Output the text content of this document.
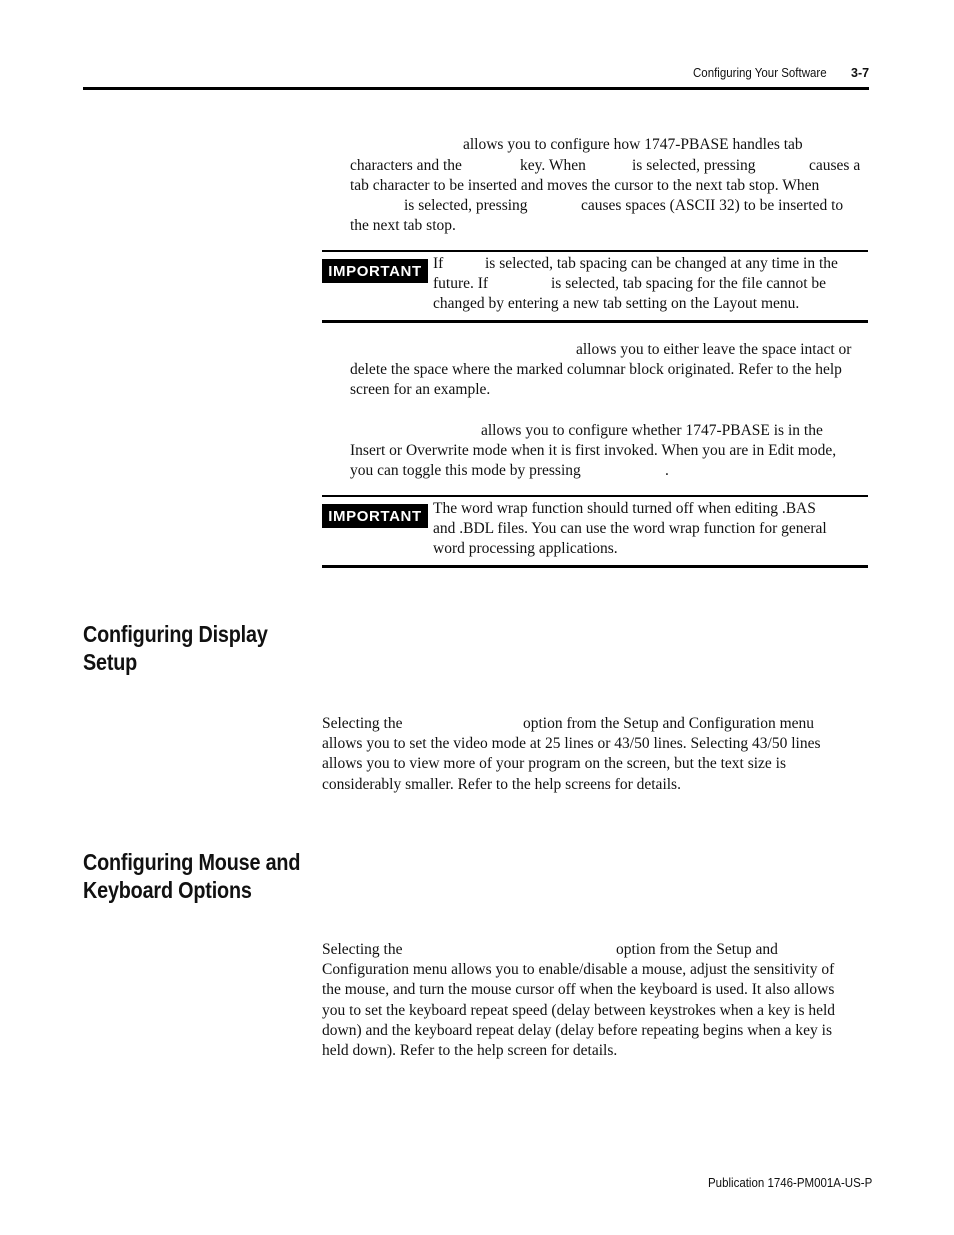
Configuring Your Software 3-7
allows you to configure how 1747-PBASE handles tab
characters and the	key. When	is selected, pressing	causes a
tab character to be inserted and moves the cursor to the next tab stop. When
is selected, pressing	causes spaces (ASCII 32) to be inserted to
the next tab stop.
IMPORTANT If	is selected, tab spacing can be changed at any time in the
future. If	is selected, tab spacing for the file cannot be
changed by entering a new tab setting on the Layout menu.
allows you to either leave the space intact or
delete the space where the marked columnar block originated. Refer to the help
screen for an example.
allows you to configure whether 1747-PBASE is in the
Insert or Overwrite mode when it is first invoked. When you are in Edit mode,
you can toggle this mode by pressing	.
IMPORTANT The word wrap function should turned off when editing .BAS
and .BDL files. You can use the word wrap function for general
word processing applications.
Configuring Display
Setup
Selecting the	option from the Setup and Configuration menu
allows you to set the video mode at 25 lines or 43/50 lines. Selecting 43/50 lines
allows you to view more of your program on the screen, but the text size is
considerably smaller. Refer to the help screens for details.
Configuring Mouse and
Keyboard Options
Selecting the	option from the Setup and
Configuration menu allows you to enable/disable a mouse, adjust the sensitivity of
the mouse, and turn the mouse cursor off when the keyboard is used. It also allows
you to set the keyboard repeat speed (delay between keystrokes when a key is held
down) and the keyboard repeat delay (delay before repeating begins when a key is
held down). Refer to the help screen for details.
Publication 1746-PM001A-US-P
